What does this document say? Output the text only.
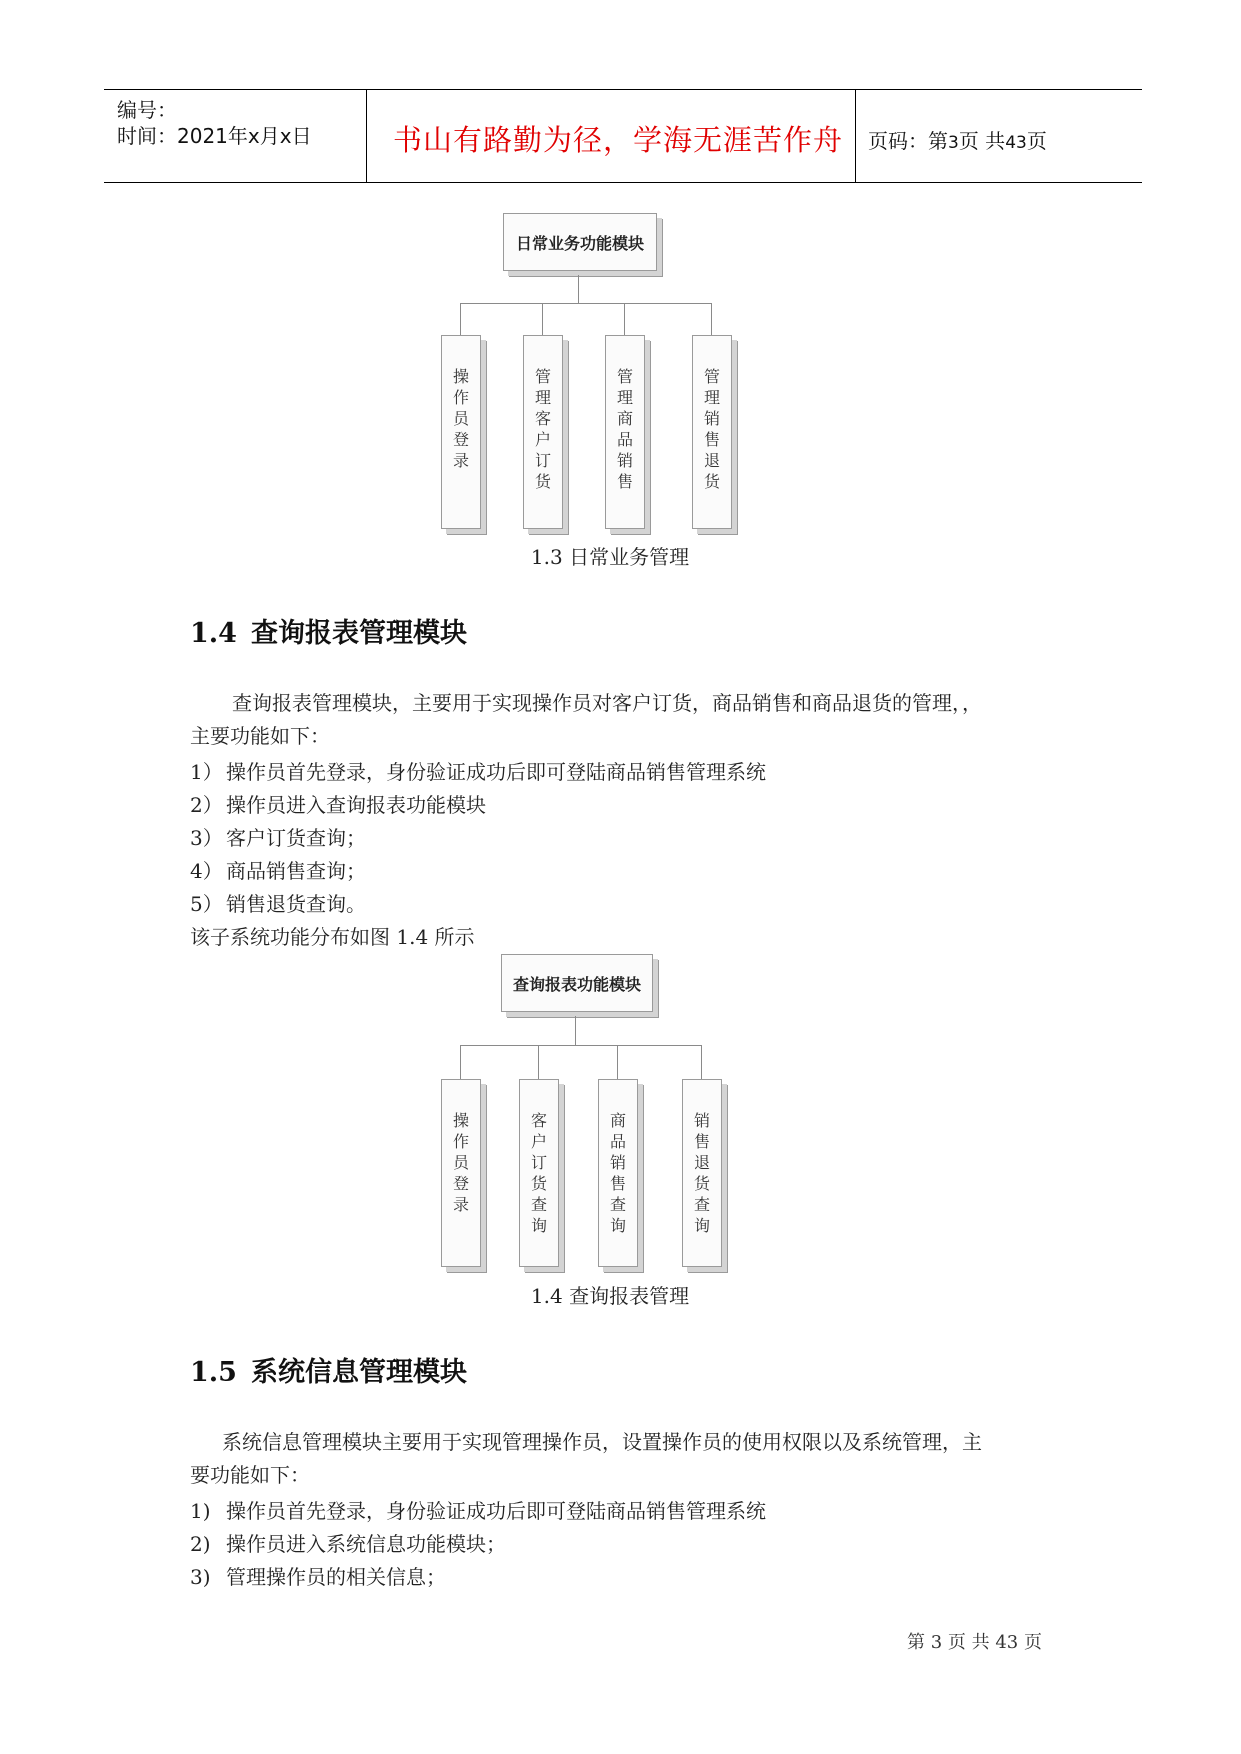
编号：
时间：2021年x月x日	书山有路勤为径，学海无涯苦作舟 页码：第3页 共43页
日常业务功能模块
操作员登录
管理客户订货
管理商品销售
管理销售退货
1.3 日常业务管理
1.4 查询报表管理模块
查询报表管理模块，主要用于实现操作员对客户订货，商品销售和商品退货的管理，，
主要功能如下：
1） 操作员首先登录，身份验证成功后即可登陆商品销售管理系统
2） 操作员进入查询报表功能模块
3） 客户订货查询；
4） 商品销售查询；
5） 销售退货查询。
该子系统功能分布如图 1.4 所示
查询报表功能模块
操作员登录
客户订货查询
商品销售查询
销售退货查询
1.4 查询报表管理
1.5 系统信息管理模块
系统信息管理模块主要用于实现管理操作员，设置操作员的使用权限以及系统管理，主
要功能如下：
1) 操作员首先登录，身份验证成功后即可登陆商品销售管理系统
2) 操作员进入系统信息功能模块；
3) 管理操作员的相关信息；
第 3 页 共 43 页
